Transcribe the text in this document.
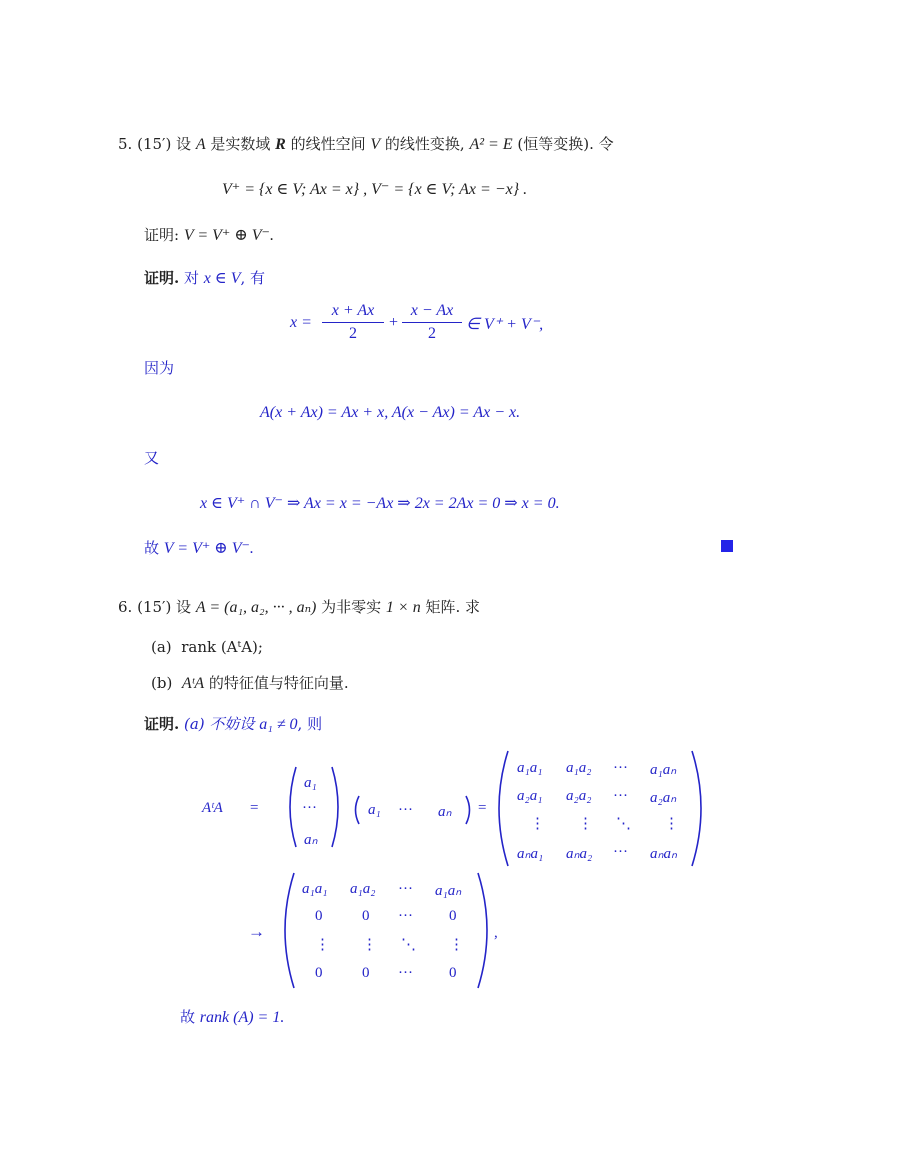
5. (15′) 设 A 是实数域 R 的线性空间 V 的线性变换, A² = E (恒等变换). 令
V⁺ = {x ∈ V; Ax = x} , V⁻ = {x ∈ V; Ax = −x} .
证明: V = V⁺ ⊕ V⁻.
证明. 对 x ∈ V, 有
x =
x + Ax
2
+
x − Ax
2
∈ V⁺ + V⁻,
因为
A(x + Ax) = Ax + x, A(x − Ax) = Ax − x.
又
x ∈ V⁺ ∩ V⁻ ⇒ Ax = x = −Ax ⇒ 2x = 2Ax = 0 ⇒ x = 0.
故 V = V⁺ ⊕ V⁻.
6. (15′) 设 A = (a₁, a₂, ··· , aₙ) 为非零实 1 × n 矩阵. 求
(a) rank (AᵗA);
(b) AᵗA 的特征值与特征向量.
证明. (a) 不妨设 a₁ ≠ 0, 则
AᵗA =
a₁
···
aₙ
a₁ ··· aₙ =
a₁a₁ a₁a₂ ··· a₁aₙ
a₂a₁ a₂a₂ ··· a₂aₙ
⋮ ⋮ ⋱ ⋮
aₙa₁ aₙa₂ ··· aₙaₙ
→
a₁a₁ a₁a₂ ··· a₁aₙ
0	0 ··· 0
⋮ ⋮ ⋱ ⋮
0	0 ··· 0
,
故 rank (A) = 1.
